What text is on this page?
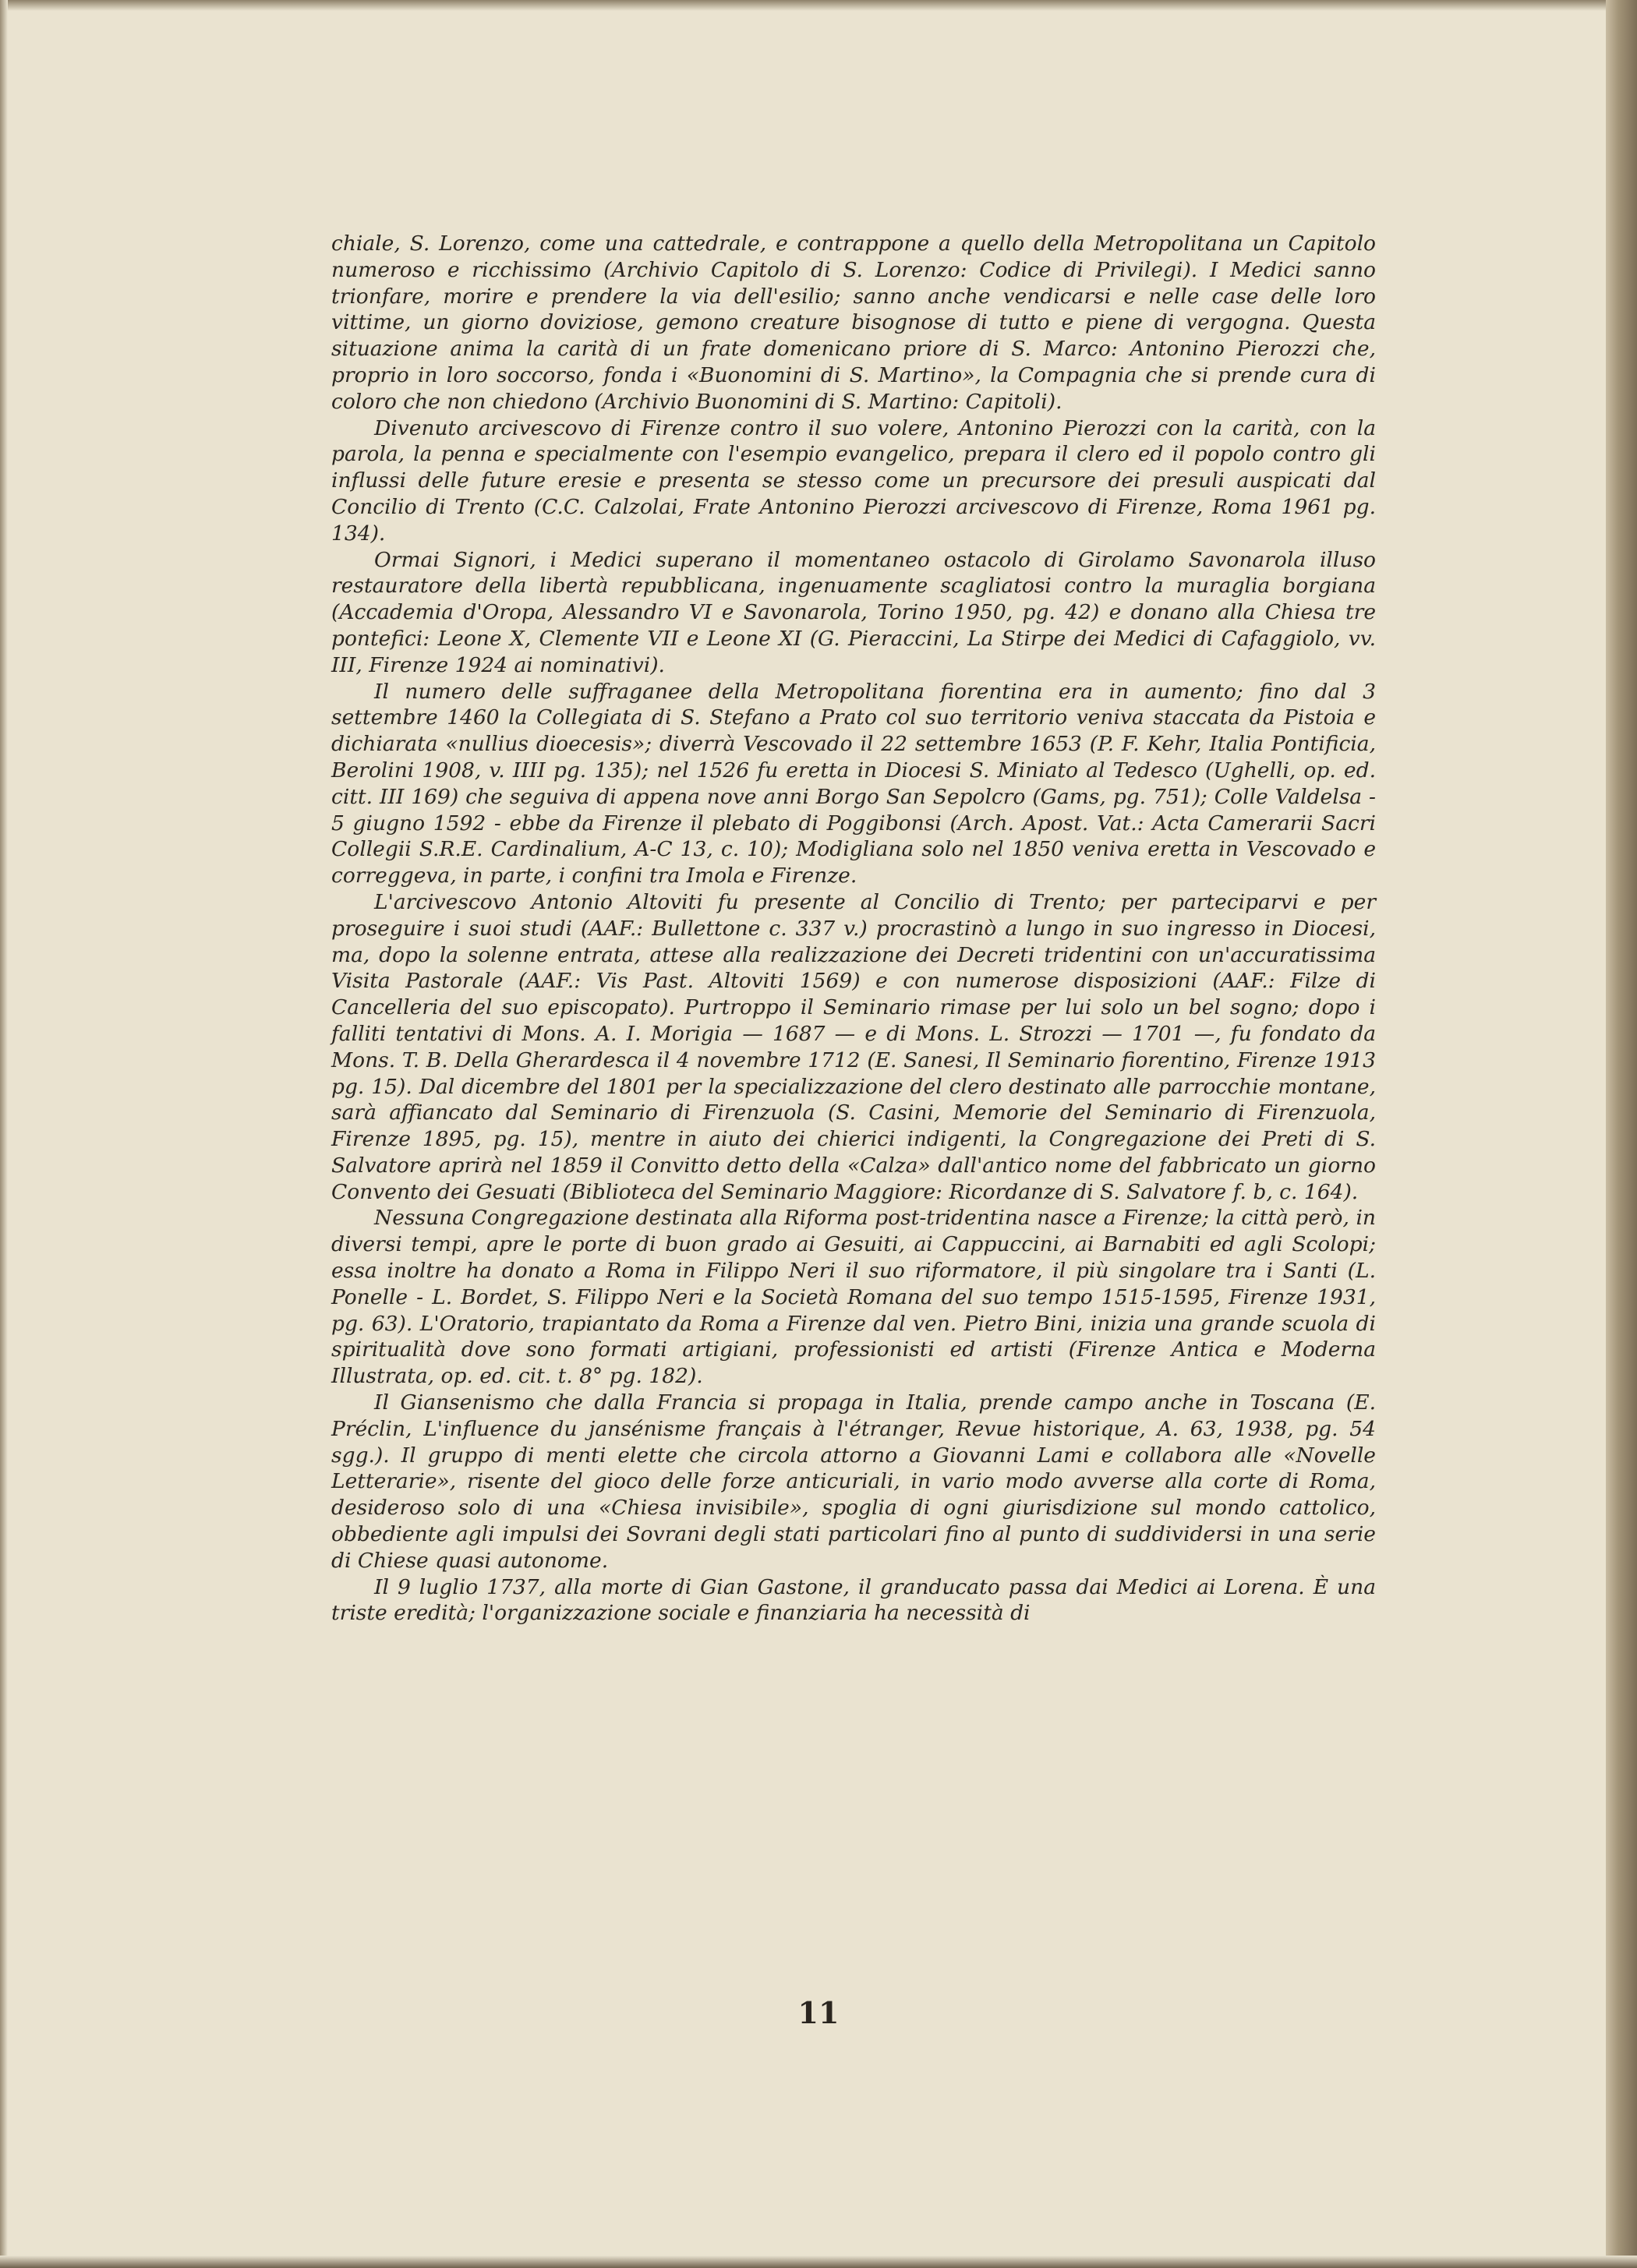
chiale, S. Lorenzo, come una cattedrale, e contrappone a quello della Metropolitana un Capitolo numeroso e ricchissimo (Archivio Capitolo di S. Lorenzo: Codice di Privilegi). I Medici sanno trionfare, morire e prendere la via dell'esilio; sanno anche vendicarsi e nelle case delle loro vittime, un giorno doviziose, gemono creature bisognose di tutto e piene di vergogna. Questa situazione anima la carità di un frate domenicano priore di S. Marco: Antonino Pierozzi che, proprio in loro soccorso, fonda i «Buonomini di S. Martino», la Compagnia che si prende cura di coloro che non chiedono (Archivio Buonomini di S. Martino: Capitoli).

Divenuto arcivescovo di Firenze contro il suo volere, Antonino Pierozzi con la carità, con la parola, la penna e specialmente con l'esempio evangelico, prepara il clero ed il popolo contro gli influssi delle future eresie e presenta se stesso come un precursore dei presuli auspicati dal Concilio di Trento (C.C. Calzolai, Frate Antonino Pierozzi arcivescovo di Firenze, Roma 1961 pg. 134).

Ormai Signori, i Medici superano il momentaneo ostacolo di Girolamo Savonarola illuso restauratore della libertà repubblicana, ingenuamente scagliatosi contro la muraglia borgiana (Accademia d'Oropa, Alessandro VI e Savonarola, Torino 1950, pg. 42) e donano alla Chiesa tre pontefici: Leone X, Clemente VII e Leone XI (G. Pieraccini, La Stirpe dei Medici di Cafaggiolo, vv. III, Firenze 1924 ai nominativi).

Il numero delle suffraganee della Metropolitana fiorentina era in aumento; fino dal 3 settembre 1460 la Collegiata di S. Stefano a Prato col suo territorio veniva staccata da Pistoia e dichiarata «nullius dioecesis»; diverrà Vescovado il 22 settembre 1653 (P. F. Kehr, Italia Pontificia, Berolini 1908, v. IIII pg. 135); nel 1526 fu eretta in Diocesi S. Miniato al Tedesco (Ughelli, op. ed. citt. III 169) che seguiva di appena nove anni Borgo San Sepolcro (Gams, pg. 751); Colle Valdelsa - 5 giugno 1592 - ebbe da Firenze il plebato di Poggibonsi (Arch. Apost. Vat.: Acta Camerarii Sacri Collegii S.R.E. Cardinalium, A-C 13, c. 10); Modigliana solo nel 1850 veniva eretta in Vescovado e correggeva, in parte, i confini tra Imola e Firenze.

L'arcivescovo Antonio Altoviti fu presente al Concilio di Trento; per parteciparvi e per proseguire i suoi studi (AAF.: Bullettone c. 337 v.) procrastinò a lungo in suo ingresso in Diocesi, ma, dopo la solenne entrata, attese alla realizzazione dei Decreti tridentini con un'accuratissima Visita Pastorale (AAF.: Vis Past. Altoviti 1569) e con numerose disposizioni (AAF.: Filze di Cancelleria del suo episcopato). Purtroppo il Seminario rimase per lui solo un bel sogno; dopo i falliti tentativi di Mons. A. I. Morigia — 1687 — e di Mons. L. Strozzi — 1701 —, fu fondato da Mons. T. B. Della Gherardesca il 4 novembre 1712 (E. Sanesi, Il Seminario fiorentino, Firenze 1913 pg. 15). Dal dicembre del 1801 per la specializzazione del clero destinato alle parrocchie montane, sarà affiancato dal Seminario di Firenzuola (S. Casini, Memorie del Seminario di Firenzuola, Firenze 1895, pg. 15), mentre in aiuto dei chierici indigenti, la Congregazione dei Preti di S. Salvatore aprirà nel 1859 il Convitto detto della «Calza» dall'antico nome del fabbricato un giorno Convento dei Gesuati (Biblioteca del Seminario Maggiore: Ricordanze di S. Salvatore f. b, c. 164).

Nessuna Congregazione destinata alla Riforma post-tridentina nasce a Firenze; la città però, in diversi tempi, apre le porte di buon grado ai Gesuiti, ai Cappuccini, ai Barnabiti ed agli Scolopi; essa inoltre ha donato a Roma in Filippo Neri il suo riformatore, il più singolare tra i Santi (L. Ponelle - L. Bordet, S. Filippo Neri e la Società Romana del suo tempo 1515-1595, Firenze 1931, pg. 63). L'Oratorio, trapiantato da Roma a Firenze dal ven. Pietro Bini, inizia una grande scuola di spiritualità dove sono formati artigiani, professionisti ed artisti (Firenze Antica e Moderna Illustrata, op. ed. cit. t. 8° pg. 182).

Il Giansenismo che dalla Francia si propaga in Italia, prende campo anche in Toscana (E. Préclin, L'influence du jansénisme français à l'étranger, Revue historique, A. 63, 1938, pg. 54 sgg.). Il gruppo di menti elette che circola attorno a Giovanni Lami e collabora alle «Novelle Letterarie», risente del gioco delle forze anticuriali, in vario modo avverse alla corte di Roma, desideroso solo di una «Chiesa invisibile», spoglia di ogni giurisdizione sul mondo cattolico, obbediente agli impulsi dei Sovrani degli stati particolari fino al punto di suddividersi in una serie di Chiese quasi autonome.

Il 9 luglio 1737, alla morte di Gian Gastone, il granducato passa dai Medici ai Lorena. È una triste eredità; l'organizzazione sociale e finanziaria ha necessità di

11
